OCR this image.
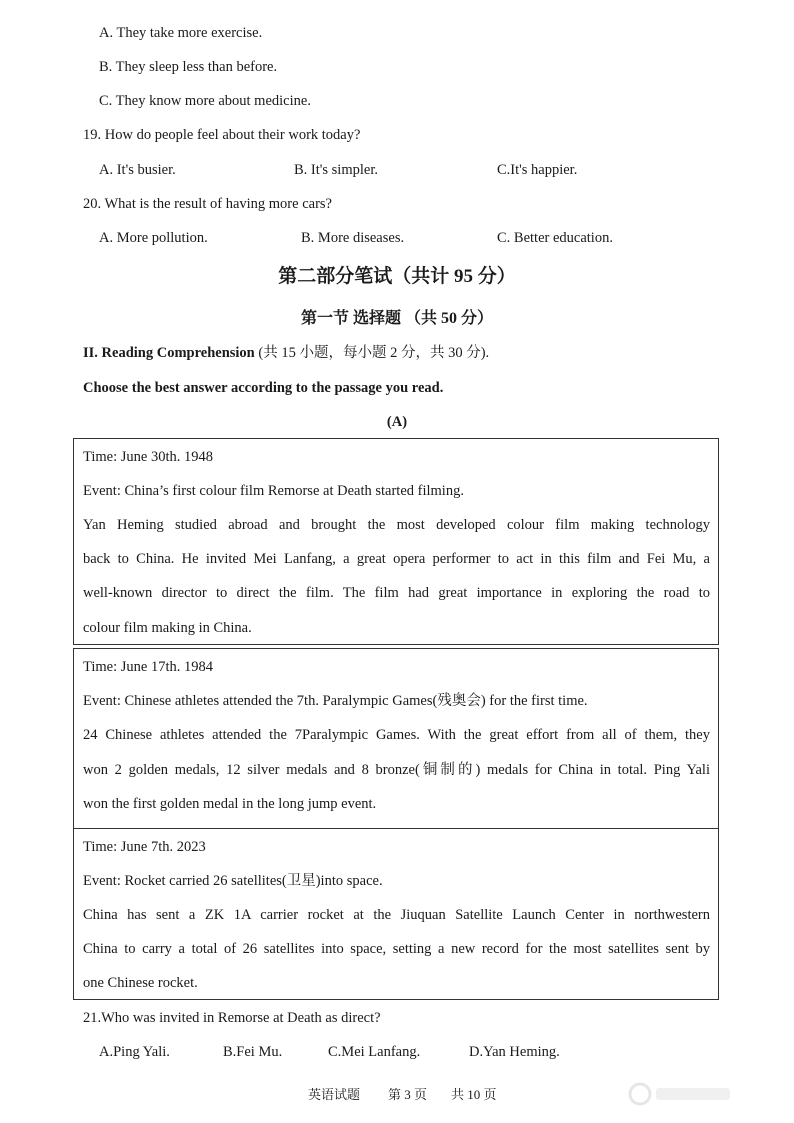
A. They take more exercise.
B. They sleep less than before.
C. They know more about medicine.
19. How do people feel about their work today?
A. It's busier.	B. It's simpler.	C.It's happier.
20. What is the result of having more cars?
A. More pollution.	B. More diseases.	C. Better education.
第二部分笔试（共计 95 分）
第一节 选择题 （共 50 分）
II. Reading Comprehension (共 15 小题，每小题 2 分，共 30 分).
Choose the best answer according to the passage you read.
(A)
Time: June 30th. 1948
Event: China’s first colour film Remorse at Death started filming.
Yan Heming studied abroad and brought the most developed colour film making technology
back to China. He invited Mei Lanfang, a great opera performer to act in this film and Fei Mu, a
well-known director to direct the film. The film had great importance in exploring the road to
colour film making in China.
Time: June 17th. 1984
Event: Chinese athletes attended the 7th. Paralympic Games(残奥会) for the first time.
24 Chinese athletes attended the 7Paralympic Games. With the great effort from all of them, they
won 2 golden medals, 12 silver medals and 8 bronze(铜制的) medals for China in total. Ping Yali
won the first golden medal in the long jump event.
Time: June 7th. 2023
Event: Rocket carried 26 satellites(卫星)into space.
China has sent a ZK 1A carrier rocket at the Jiuquan Satellite Launch Center in northwestern
China to carry a total of 26 satellites into space, setting a new record for the most satellites sent by
one Chinese rocket.
21.Who was invited in Remorse at Death as direct?
A.Ping Yali.	B.Fei Mu.	C.Mei Lanfang.	D.Yan Heming.
英语试题 第 3 页 共 10 页
